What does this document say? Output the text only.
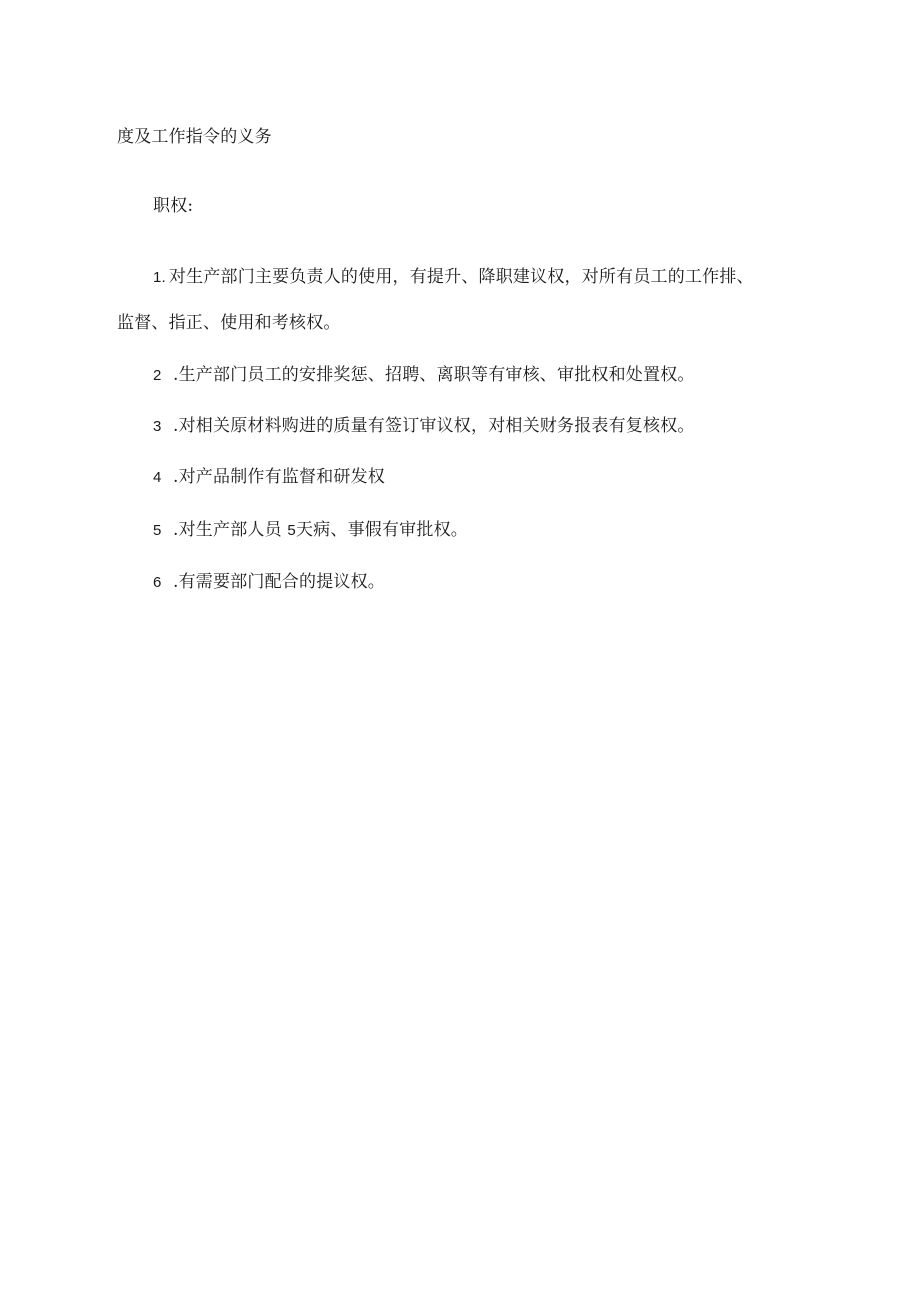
度及工作指令的义务
职权:
1. 对生产部门主要负责人的使用，有提升、降职建议权，对所有员工的工作排、
监督、指正、使用和考核权。
2 .生产部门员工的安排奖惩、招聘、离职等有审核、审批权和处置权。
3 .对相关原材料购进的质量有签订审议权，对相关财务报表有复核权。
4 .对产品制作有监督和研发权
5 .对生产部人员 5天病、事假有审批权。
6 .有需要部门配合的提议权。
